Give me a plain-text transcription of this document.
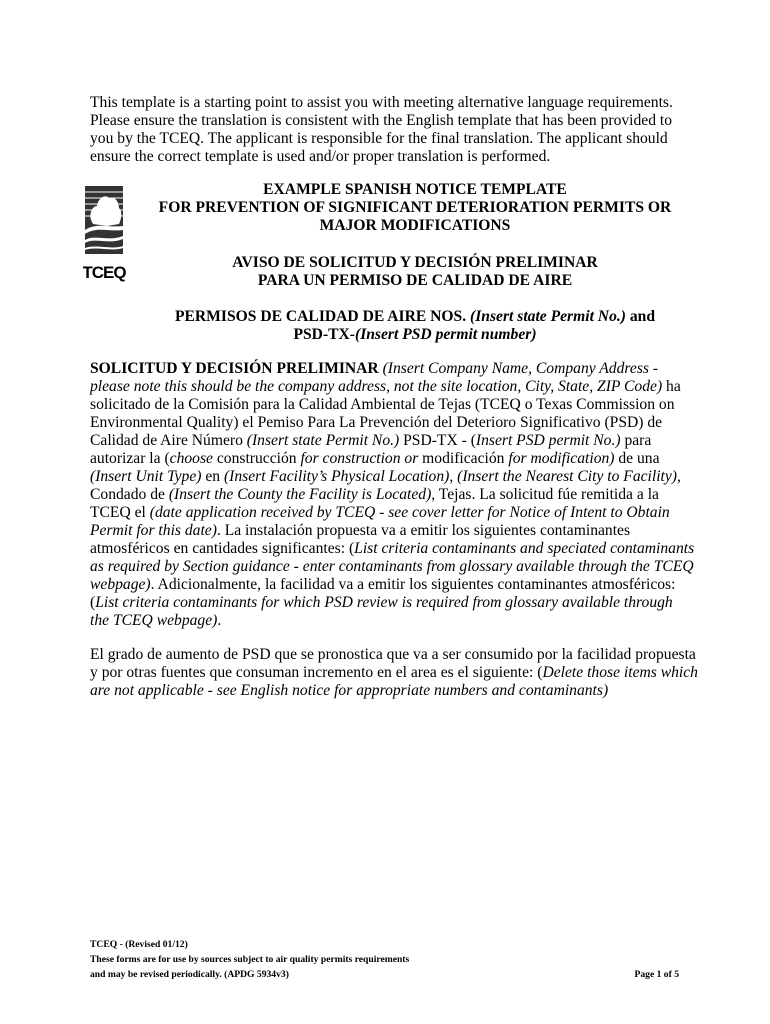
TCEQ
This template is a starting point to assist you with meeting alternative language requirements.
Please ensure the translation is consistent with the English template that has been provided to
you by the TCEQ. The applicant is responsible for the final translation. The applicant should
ensure the correct template is used and/or proper translation is performed.
EXAMPLE SPANISH NOTICE TEMPLATE
FOR PREVENTION OF SIGNIFICANT DETERIORATION PERMITS OR
MAJOR MODIFICATIONS
AVISO DE SOLICITUD Y DECISIÓN PRELIMINAR
PARA UN PERMISO DE CALIDAD DE AIRE
PERMISOS DE CALIDAD DE AIRE NOS. (Insert state Permit No.) and
PSD-TX-(Insert PSD permit number)
SOLICITUD Y DECISIÓN PRELIMINAR (Insert Company Name, Company Address -
please note this should be the company address, not the site location, City, State, ZIP Code) ha
solicitado de la Comisión para la Calidad Ambiental de Tejas (TCEQ o Texas Commission on
Environmental Quality) el Pemiso Para La Prevención del Deterioro Significativo (PSD) de
Calidad de Aire Número (Insert state Permit No.) PSD-TX - (Insert PSD permit No.) para
autorizar la (choose construcción for construction or modificación for modification) de una
(Insert Unit Type) en (Insert Facility’s Physical Location), (Insert the Nearest City to Facility),
Condado de (Insert the County the Facility is Located), Tejas. La solicitud fúe remitida a la
TCEQ el (date application received by TCEQ - see cover letter for Notice of Intent to Obtain
Permit for this date). La instalación propuesta va a emitir los siguientes contaminantes
atmosféricos en cantidades significantes: (List criteria contaminants and speciated contaminants
as required by Section guidance - enter contaminants from glossary available through the TCEQ
webpage). Adicionalmente, la facilidad va a emitir los siguientes contaminantes atmosféricos:
(List criteria contaminants for which PSD review is required from glossary available through
the TCEQ webpage).
El grado de aumento de PSD que se pronostica que va a ser consumido por la facilidad propuesta
y por otras fuentes que consuman incremento en el area es el siguiente: (Delete those items which
are not applicable - see English notice for appropriate numbers and contaminants)
TCEQ - (Revised 01/12)
These forms are for use by sources subject to air quality permits requirements
and may be revised periodically. (APDG 5934v3)	Page 1 of 5
